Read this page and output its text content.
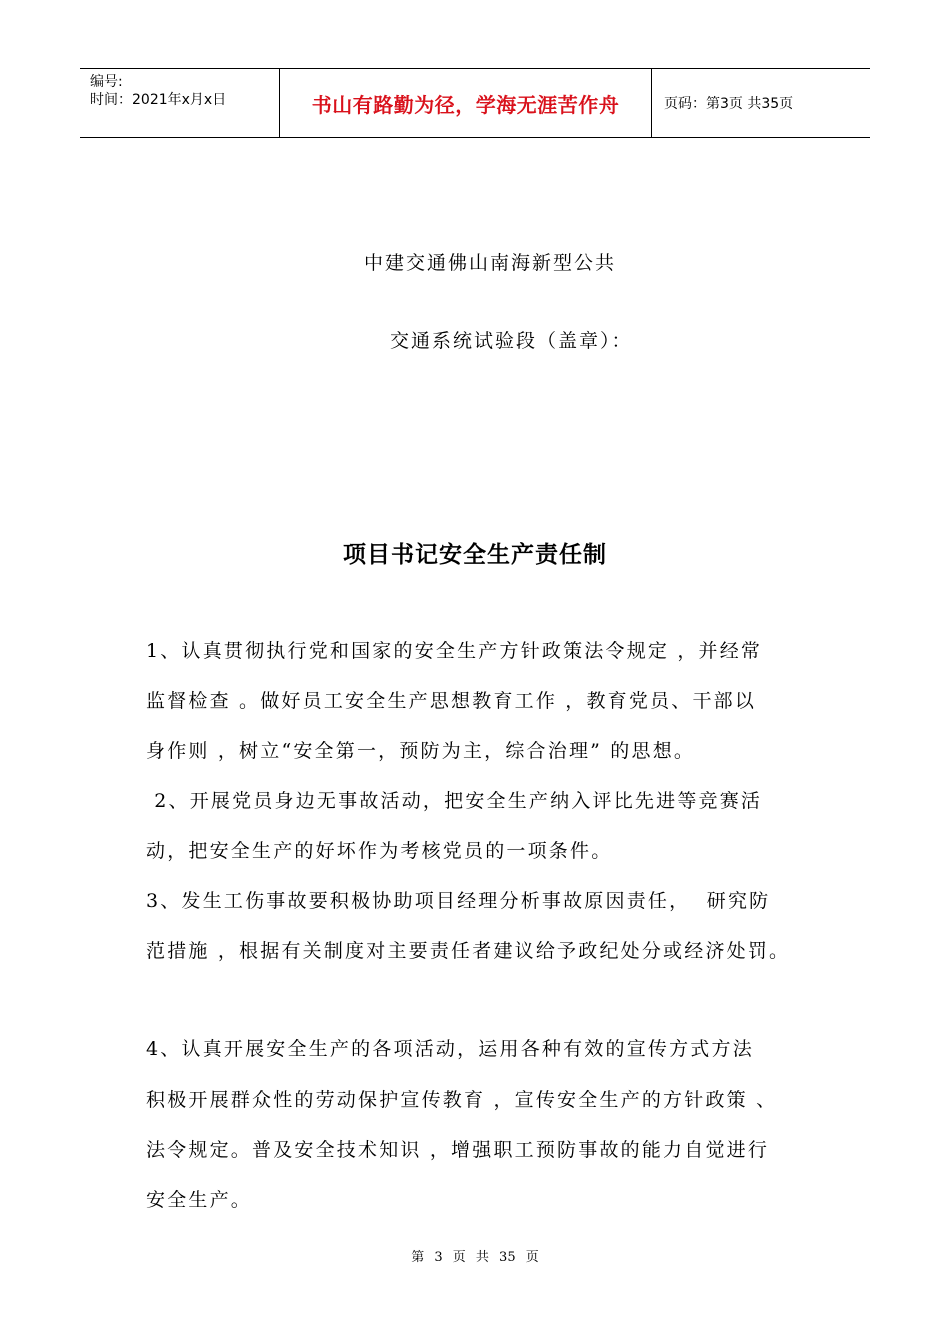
编号:
时间：2021年x月x日	书山有路勤为径，学海无涯苦作舟	页码：第3页 共35页
中建交通佛山南海新型公共
交通系统试验段（盖章）：
项目书记安全生产责任制
1、认真贯彻执行党和国家的安全生产方针政策法令规定 ，并经常
监督检查 。做好员工安全生产思想教育工作 ，教育党员、干部以
身作则 ，树立“安全第一，预防为主，综合治理” 的思想。
2、开展党员身边无事故活动，把安全生产纳入评比先进等竞赛活
动，把安全生产的好坏作为考核党员的一项条件。
3、发生工伤事故要积极协助项目经理分析事故原因责任，  研究防
范措施 ，根据有关制度对主要责任者建议给予政纪处分或经济处罚。
4、认真开展安全生产的各项活动，运用各种有效的宣传方式方法
积极开展群众性的劳动保护宣传教育 ，宣传安全生产的方针政策 、
法令规定。普及安全技术知识 ，增强职工预防事故的能力自觉进行
安全生产。
第 3 页 共 35 页
